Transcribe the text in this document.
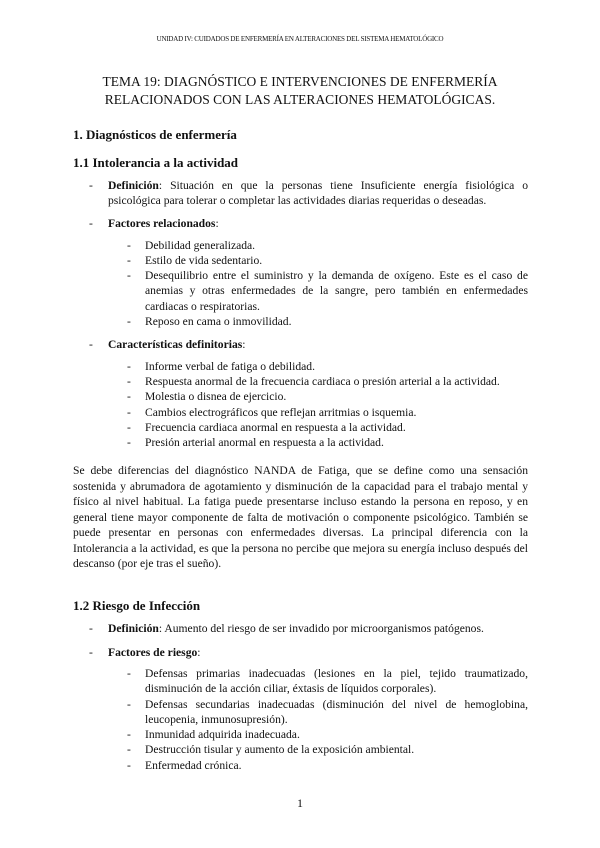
UNIDAD IV: CUIDADOS DE ENFERMERÍA EN ALTERACIONES DEL SISTEMA HEMATOLÓGICO
TEMA 19: DIAGNÓSTICO E INTERVENCIONES DE ENFERMERÍA
RELACIONADOS CON LAS ALTERACIONES HEMATOLÓGICAS.
1. Diagnósticos de enfermería
1.1 Intolerancia a la actividad
- Definición: Situación en que la personas tiene Insuficiente energía fisiológica o psicológica para tolerar o completar las actividades diarias requeridas o deseadas.
- Factores relacionados:
- Debilidad generalizada.
- Estilo de vida sedentario.
- Desequilibrio entre el suministro y la demanda de oxígeno. Este es el caso de anemias y otras enfermedades de la sangre, pero también en enfermedades cardiacas o respiratorias.
- Reposo en cama o inmovilidad.
- Características definitorias:
- Informe verbal de fatiga o debilidad.
- Respuesta anormal de la frecuencia cardiaca o presión arterial a la actividad.
- Molestia o disnea de ejercicio.
- Cambios electrográficos que reflejan arritmias o isquemia.
- Frecuencia cardiaca anormal en respuesta a la actividad.
- Presión arterial anormal en respuesta a la actividad.
Se debe diferencias del diagnóstico NANDA de Fatiga, que se define como una sensación sostenida y abrumadora de agotamiento y disminución de la capacidad para el trabajo mental y físico al nivel habitual. La fatiga puede presentarse incluso estando la persona en reposo, y en general tiene mayor componente de falta de motivación o componente psicológico. También se puede presentar en personas con enfermedades diversas. La principal diferencia con la Intolerancia a la actividad, es que la persona no percibe que mejora su energía incluso después del descanso (por eje tras el sueño).
1.2 Riesgo de Infección
- Definición: Aumento del riesgo de ser invadido por microorganismos patógenos.
- Factores de riesgo:
- Defensas primarias inadecuadas (lesiones en la piel, tejido traumatizado, disminución de la acción ciliar, éxtasis de líquidos corporales).
- Defensas secundarias inadecuadas (disminución del nivel de hemoglobina, leucopenia, inmunosupresión).
- Inmunidad adquirida inadecuada.
- Destrucción tisular y aumento de la exposición ambiental.
- Enfermedad crónica.
1
